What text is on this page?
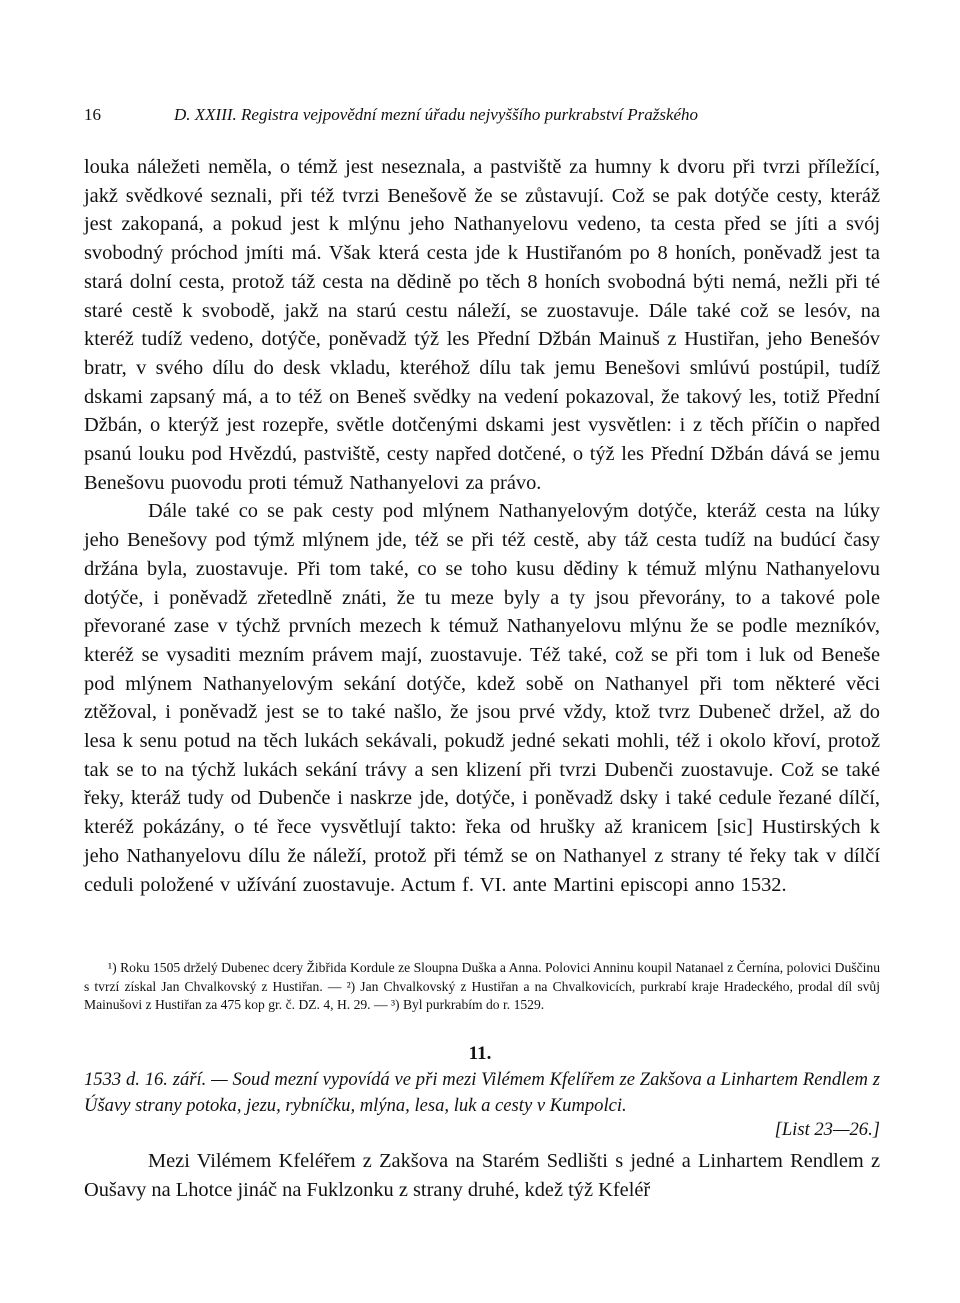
16	D. XXIII. Registra vejpovědní mezní úřadu nejvyššího purkrabství Pražského

louka náležeti neměla, o témž jest neseznala, a pastviště za humny k dvoru při tvrzi příležící, jakž svědkové seznali, při též tvrzi Benešově že se zůstavují. Což se pak dotýče cesty, kteráž jest zakopaná, a pokud jest k mlýnu jeho Nathanyelovu vedeno, ta cesta před se jíti a svój svobodný próchod jmíti má. Však která cesta jde k Hustiřanóm po 8 honích, poněvadž jest ta stará dolní cesta, protož táž cesta na dědině po těch 8 honích svobodná býti nemá, nežli při té staré cestě k svobodě, jakž na starú cestu náleží, se zuostavuje. Dále také což se lesóv, na kteréž tudíž vedeno, dotýče, poněvadž týž les Přední Džbán Mainuš z Hustiřan, jeho Benešóv bratr, v svého dílu do desk vkladu, kteréhož dílu tak jemu Benešovi smlúvú postúpil, tudíž dskami zapsaný má, a to též on Beneš svědky na vedení pokazoval, že takový les, totiž Přední Džbán, o kterýž jest rozepře, světle dotčenými dskami jest vysvětlen: i z těch příčin o napřed psanú louku pod Hvězdú, pastviště, cesty napřed dotčené, o týž les Přední Džbán dává se jemu Benešovu puovodu proti témuž Nathanyelovi za právo.

Dále také co se pak cesty pod mlýnem Nathanyelovým dotýče, kteráž cesta na lúky jeho Benešovy pod týmž mlýnem jde, též se při též cestě, aby táž cesta tudíž na budúcí časy držána byla, zuostavuje. Při tom také, co se toho kusu dědiny k témuž mlýnu Nathanyelovu dotýče, i poněvadž zřetedlně znáti, že tu meze byly a ty jsou převorány, to a takové pole převorané zase v týchž prvních mezech k témuž Nathanyelovu mlýnu že se podle mezníkóv, kteréž se vysaditi mezním právem mají, zuostavuje. Též také, což se při tom i luk od Beneše pod mlýnem Nathanyelovým sekání dotýče, kdež sobě on Nathanyel při tom některé věci ztěžoval, i poněvadž jest se to také našlo, že jsou prvé vždy, ktož tvrz Dubeneč držel, až do lesa k senu potud na těch lukách sekávali, pokudž jedné sekati mohli, též i okolo křoví, protož tak se to na týchž lukách sekání trávy a sen klizení při tvrzi Dubenči zuostavuje. Což se také řeky, kteráž tudy od Dubenče i naskrze jde, dotýče, i poněvadž dsky i také cedule řezané dílčí, kteréž pokázány, o té řece vysvětlují takto: řeka od hrušky až kranicem [sic] Hustirských k jeho Nathanyelovu dílu že náleží, protož při témž se on Nathanyel z strany té řeky tak v dílčí ceduli položené v užívání zuostavuje. Actum f. VI. ante Martini episcopi anno 1532.

¹) Roku 1505 drželý Dubenec dcery Žibřida Kordule ze Sloupna Duška a Anna. Polovici Anninu koupil Natanael z Černína, polovici Duščinu s tvrzí získal Jan Chvalkovský z Hustiřan. — ²) Jan Chvalkovský z Hustiřan a na Chvalkovicích, purkrabí kraje Hradeckého, prodal díl svůj Mainušovi z Hustiřan za 475 kop gr. č. DZ. 4, H. 29. — ³) Byl purkrabím do r. 1529.

11.

1533 d. 16. září. — Soud mezní vypovídá ve při mezi Vilémem Kfelířem ze Zakšova a Linhartem Rendlem z Úšavy strany potoka, jezu, rybníčku, mlýna, lesa, luk a cesty v Kumpolci.

[List 23—26.]

Mezi Vilémem Kfeléřem z Zakšova na Starém Sedlišti s jedné a Linhartem Rendlem z Oušavy na Lhotce jináč na Fuklzonku z strany druhé, kdež týž Kfeléř
